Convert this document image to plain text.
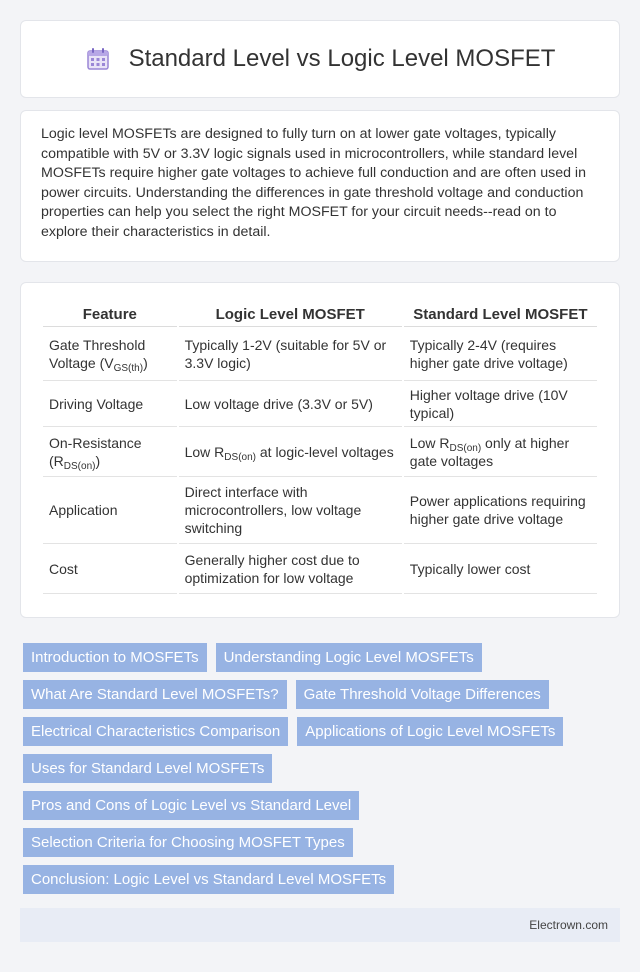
Standard Level vs Logic Level MOSFET

Logic level MOSFETs are designed to fully turn on at lower gate voltages, typically compatible with 5V or 3.3V logic signals used in microcontrollers, while standard level MOSFETs require higher gate voltages to achieve full conduction and are often used in power circuits. Understanding the differences in gate threshold voltage and conduction properties can help you select the right MOSFET for your circuit needs--read on to explore their characteristics in detail.

Feature	Logic Level MOSFET	Standard Level MOSFET
Gate Threshold Voltage $(V_{GS(th)})$	Typically 1-2V (suitable for 5V or 3.3V logic)	Typically 2-4V (requires higher gate drive voltage)
Driving Voltage	Low voltage drive (3.3V or 5V)	Higher voltage drive (10V typical)
On-Resistance $(R_{DS(on)})$	Low $R_{DS(on)}$ at logic-level voltages	Low $R_{DS(on)}$ only at higher gate voltages
Application	Direct interface with microcontrollers, low voltage switching	Power applications requiring higher gate drive voltage
Cost	Generally higher cost due to optimization for low voltage	Typically lower cost
Introduction to MOSFETs	Understanding Logic Level MOSFETs
What Are Standard Level MOSFETs?	Gate Threshold Voltage Differences
Electrical Characteristics Comparison	Applications of Logic Level MOSFETs
Uses for Standard Level MOSFETs
Pros and Cons of Logic Level vs Standard Level
Selection Criteria for Choosing MOSFET Types
Conclusion: Logic Level vs Standard Level MOSFETs
Electrown.com
